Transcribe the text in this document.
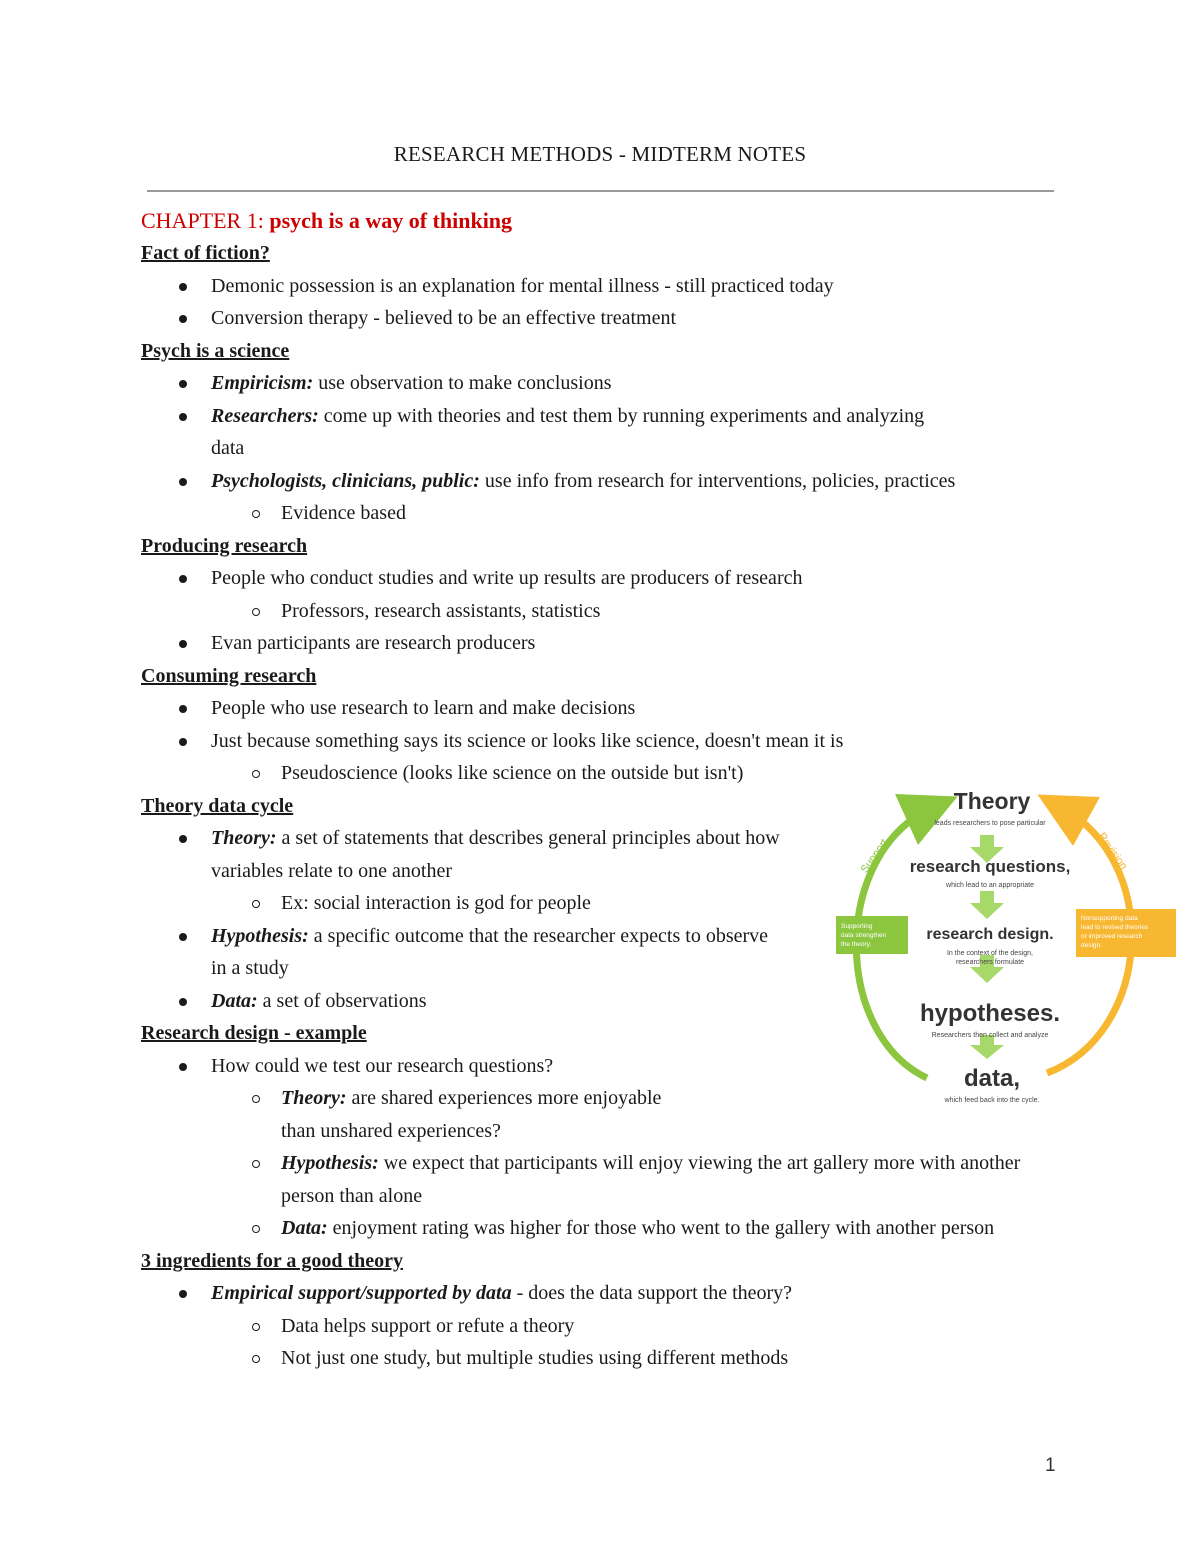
RESEARCH METHODS - MIDTERM NOTES
CHAPTER 1: psych is a way of thinking
Fact of fiction?
Demonic possession is an explanation for mental illness - still practiced today
Conversion therapy - believed to be an effective treatment
Psych is a science
Empiricism: use observation to make conclusions
Researchers: come up with theories and test them by running experiments and analyzing data
Psychologists, clinicians, public: use info from research for interventions, policies, practices
Evidence based
Producing research
People who conduct studies and write up results are producers of research
Professors, research assistants, statistics
Evan participants are research producers
Consuming research
People who use research to learn and make decisions
Just because something says its science or looks like science, doesn't mean it is
Pseudoscience (looks like science on the outside but isn't)
Theory data cycle
Theory: a set of statements that describes general principles about how variables relate to one another
Ex: social interaction is god for people
Hypothesis: a specific outcome that the researcher expects to observe in a study
Data: a set of observations
Research design - example
How could we test our research questions?
Theory: are shared experiences more enjoyable than unshared experiences?
Hypothesis: we expect that participants will enjoy viewing the art gallery more with another person than alone
Data: enjoyment rating was higher for those who went to the gallery with another person
3 ingredients for a good theory
Empirical support/supported by data - does the data support the theory?
Data helps support or refute a theory
Not just one study, but multiple studies using different methods
Theory
leads researchers to pose particular
research questions,
which lead to an appropriate
research design.
In the context of the design,
researchers formulate
hypotheses.
Researchers then collect and analyze
data,
which feed back into the cycle.
Support	Revision
Supporting
data strengthen
the theory.
Nonsupporting data
lead to revised theories
or improved research
design.
1
